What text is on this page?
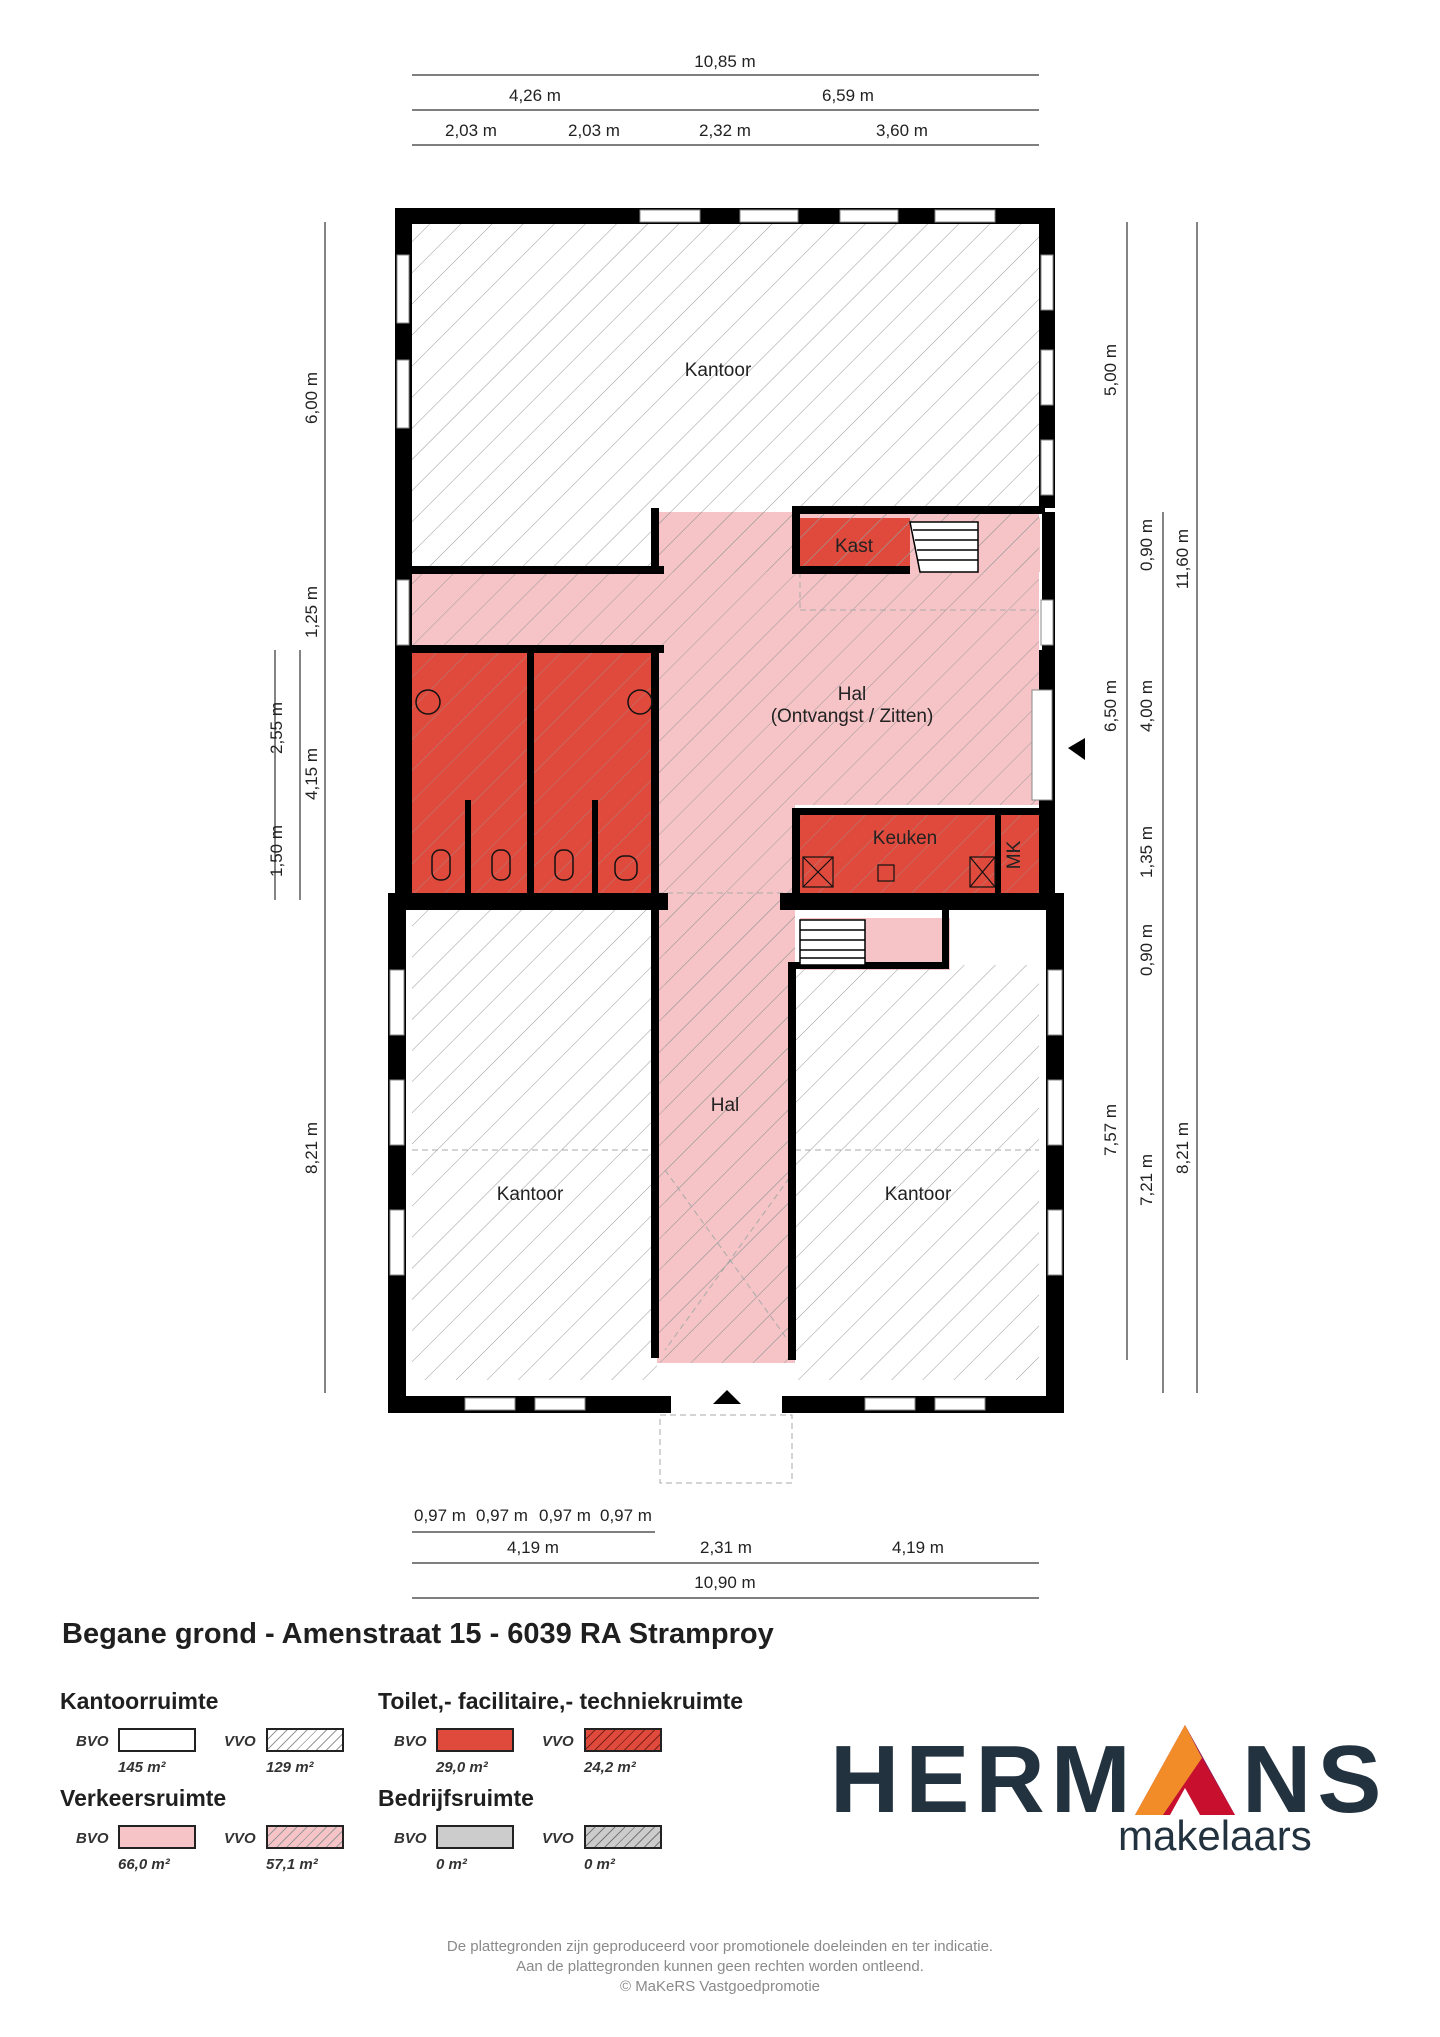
Kantoor
Kast
Hal
(Ontvangst / Zitten)
Keuken
MK
Hal
Kantoor	Kantoor
10,85 m
4,26 m	6,59 m
2,03 m	2,03 m	2,32 m	3,60 m
0,97 m 0,97 m 0,97 m 0,97 m
4,19 m	2,31 m	4,19 m
10,90 m
6,00 m
1,25 m
2,55 m
4,15 m
1,50 m
8,21 m
5,00 m
0,90 m 11,60 m
6,50 m 4,00 m
1,35 m
0,90 m
7,57 m
7,21 m
8,21 m
Begane grond - Amenstraat 15 - 6039 RA Stramproy
Kantoorruimte
BVO
145 m²
VVO
129 m²
Verkeersruimte
BVO
66,0 m²
VVO
57,1 m²
Toilet,- facilitaire,- techniekruimte
BVO
29,0 m²
VVO
24,2 m²
Bedrijfsruimte
BVO
0 m²
VVO
0 m²
HERM NS
makelaars
De plattegronden zijn geproduceerd voor promotionele doeleinden en ter indicatie.
Aan de plattegronden kunnen geen rechten worden ontleend.
© MaKeRS Vastgoedpromotie
